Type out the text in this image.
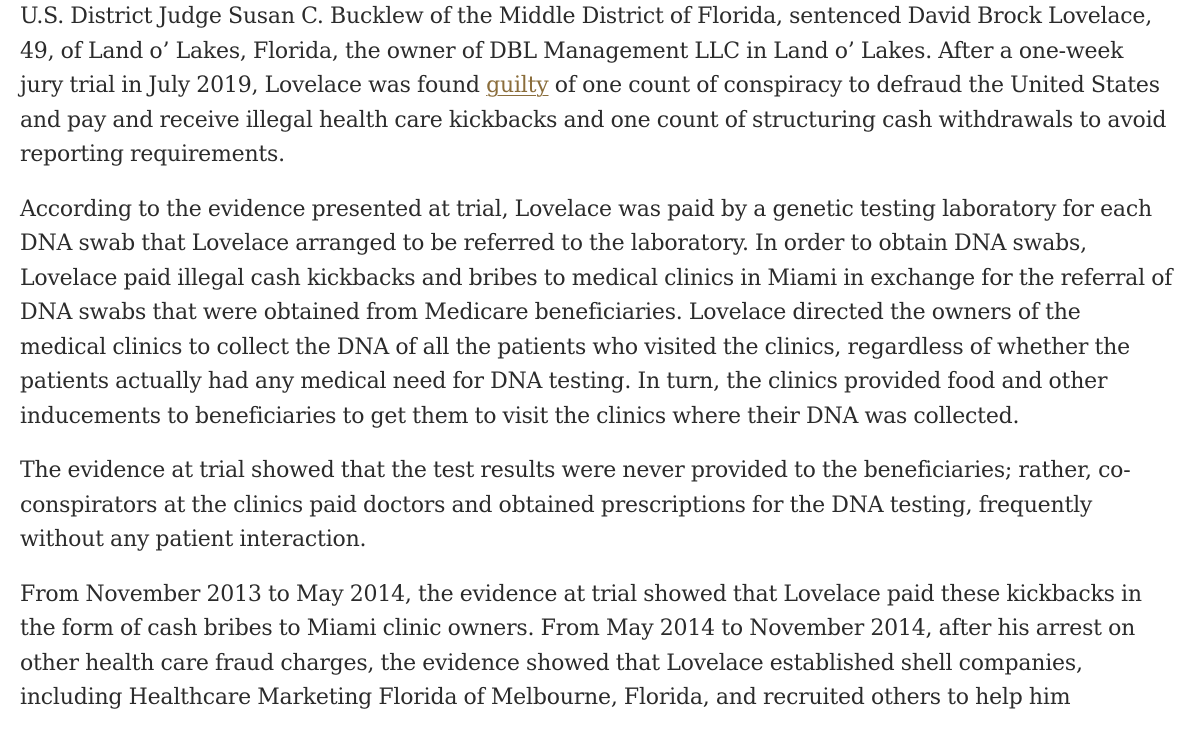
U.S. District Judge Susan C. Bucklew of the Middle District of Florida, sentenced David Brock Lovelace,
49, of Land o’ Lakes, Florida, the owner of DBL Management LLC in Land o’ Lakes. After a one-week
jury trial in July 2019, Lovelace was found guilty of one count of conspiracy to defraud the United States
and pay and receive illegal health care kickbacks and one count of structuring cash withdrawals to avoid
reporting requirements.

According to the evidence presented at trial, Lovelace was paid by a genetic testing laboratory for each
DNA swab that Lovelace arranged to be referred to the laboratory. In order to obtain DNA swabs,
Lovelace paid illegal cash kickbacks and bribes to medical clinics in Miami in exchange for the referral of
DNA swabs that were obtained from Medicare beneficiaries. Lovelace directed the owners of the
medical clinics to collect the DNA of all the patients who visited the clinics, regardless of whether the
patients actually had any medical need for DNA testing. In turn, the clinics provided food and other
inducements to beneficiaries to get them to visit the clinics where their DNA was collected.

The evidence at trial showed that the test results were never provided to the beneficiaries; rather, co-
conspirators at the clinics paid doctors and obtained prescriptions for the DNA testing, frequently
without any patient interaction.

From November 2013 to May 2014, the evidence at trial showed that Lovelace paid these kickbacks in
the form of cash bribes to Miami clinic owners. From May 2014 to November 2014, after his arrest on
other health care fraud charges, the evidence showed that Lovelace established shell companies,
including Healthcare Marketing Florida of Melbourne, Florida, and recruited others to help him
